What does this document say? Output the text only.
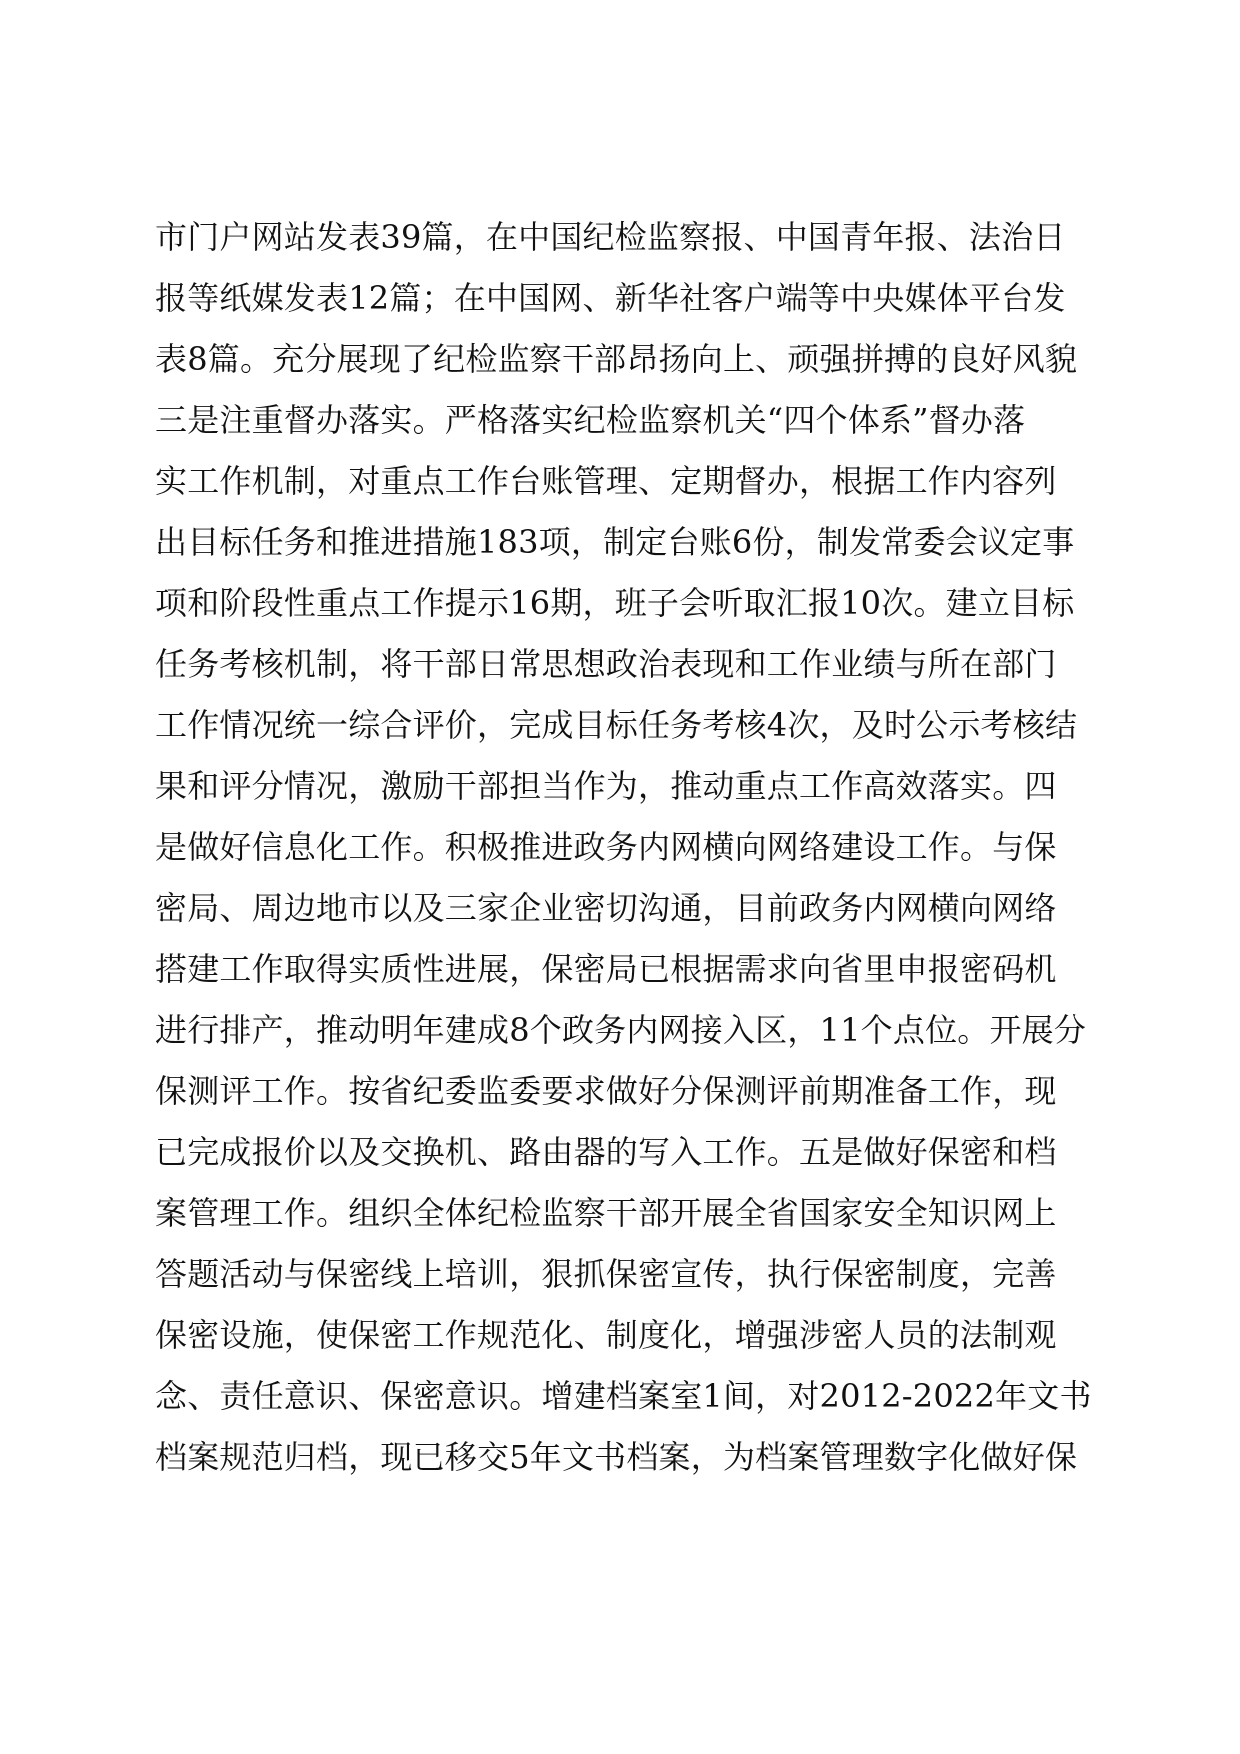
市门户网站发表39篇，在中国纪检监察报、中国青年报、法治日

报等纸媒发表12篇；在中国网、新华社客户端等中央媒体平台发

表8篇。充分展现了纪检监察干部昂扬向上、顽强拼搏的良好风貌

三是注重督办落实。严格落实纪检监察机关“四个体系”督办落

实工作机制，对重点工作台账管理、定期督办，根据工作内容列

出目标任务和推进措施183项，制定台账6份，制发常委会议定事

项和阶段性重点工作提示16期，班子会听取汇报10次。建立目标

任务考核机制，将干部日常思想政治表现和工作业绩与所在部门

工作情况统一综合评价，完成目标任务考核4次，及时公示考核结

果和评分情况，激励干部担当作为，推动重点工作高效落实。四

是做好信息化工作。积极推进政务内网横向网络建设工作。与保

密局、周边地市以及三家企业密切沟通，目前政务内网横向网络

搭建工作取得实质性进展，保密局已根据需求向省里申报密码机

进行排产，推动明年建成8个政务内网接入区，11个点位。开展分

保测评工作。按省纪委监委要求做好分保测评前期准备工作，现

已完成报价以及交换机、路由器的写入工作。五是做好保密和档

案管理工作。组织全体纪检监察干部开展全省国家安全知识网上

答题活动与保密线上培训，狠抓保密宣传，执行保密制度，完善

保密设施，使保密工作规范化、制度化，增强涉密人员的法制观

念、责任意识、保密意识。增建档案室1间，对2012-2022年文书

档案规范归档，现已移交5年文书档案，为档案管理数字化做好保
